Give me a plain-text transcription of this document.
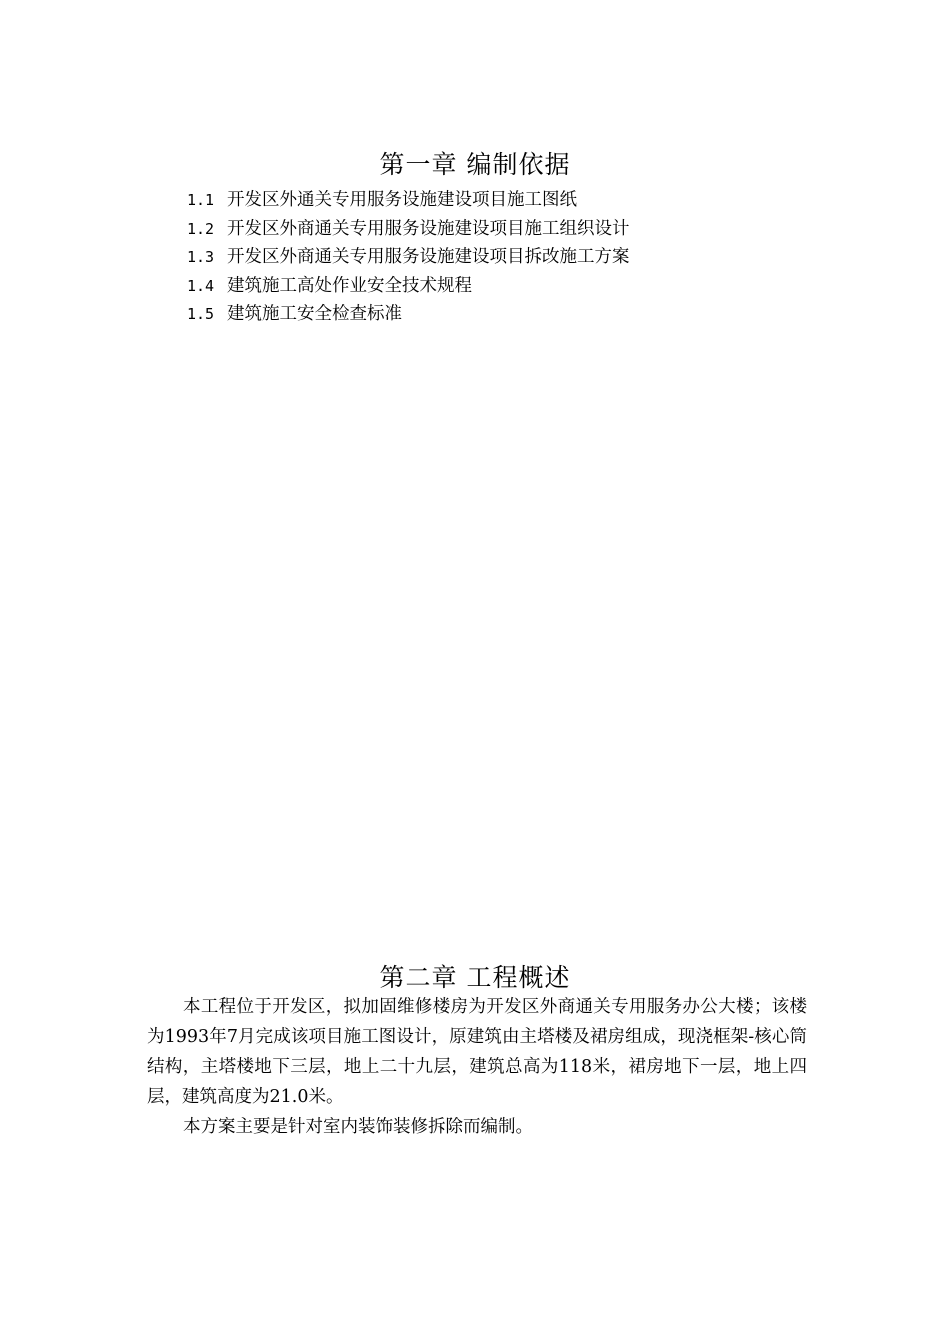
第一章 编制依据
1.1 开发区外通关专用服务设施建设项目施工图纸
1.2 开发区外商通关专用服务设施建设项目施工组织设计
1.3 开发区外商通关专用服务设施建设项目拆改施工方案
1.4 建筑施工高处作业安全技术规程
1.5 建筑施工安全检查标准
第二章 工程概述

本工程位于开发区，拟加固维修楼房为开发区外商通关专用服务办公大楼；该楼为1993年7月完成该项目施工图设计，原建筑由主塔楼及裙房组成，现浇框架-核心筒结构，主塔楼地下三层，地上二十九层，建筑总高为118米，裙房地下一层，地上四层，建筑高度为21.0米。

本方案主要是针对室内装饰装修拆除而编制。
